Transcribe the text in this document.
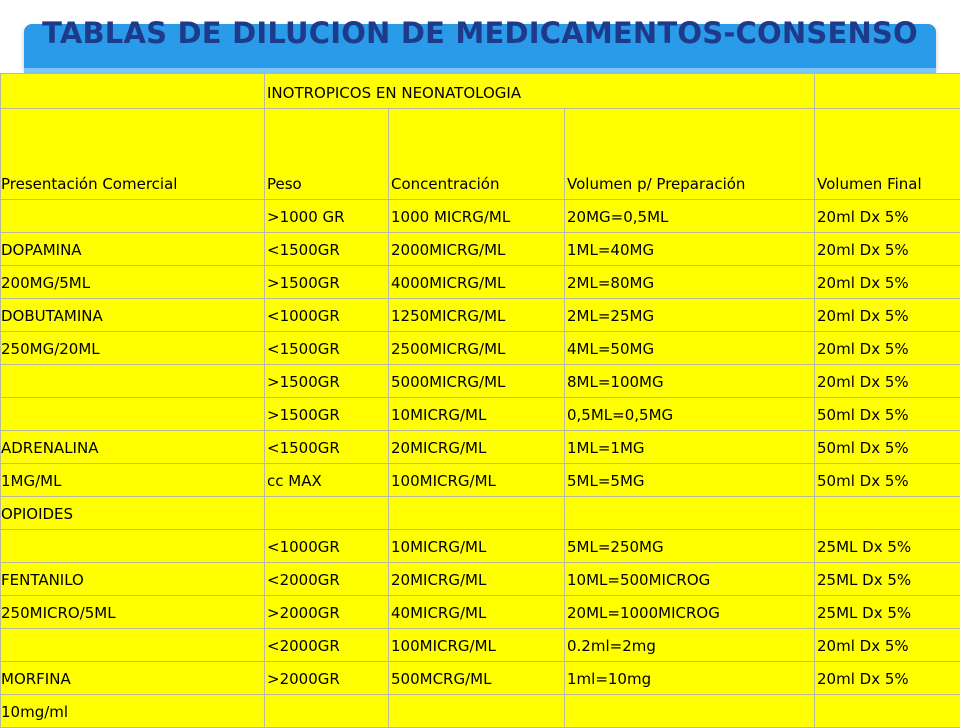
TABLAS DE DILUCION DE MEDICAMENTOS-CONSENSO
	INOTROPICOS EN NEONATOLOGIA			
Presentación Comercial	Peso	Concentración	Volumen p/ Preparación	Volumen Final
	>1000 GR	1000 MICRG/ML	20MG=0,5ML	20ml Dx 5%
DOPAMINA	<1500GR	2000MICRG/ML	1ML=40MG	20ml Dx 5%
200MG/5ML	>1500GR	4000MICRG/ML	2ML=80MG	20ml Dx 5%
DOBUTAMINA	<1000GR	1250MICRG/ML	2ML=25MG	20ml Dx 5%
250MG/20ML	<1500GR	2500MICRG/ML	4ML=50MG	20ml Dx 5%
	>1500GR	5000MICRG/ML	8ML=100MG	20ml Dx 5%
	>1500GR	10MICRG/ML	0,5ML=0,5MG	50ml Dx 5%
ADRENALINA	<1500GR	20MICRG/ML	1ML=1MG	50ml Dx 5%
1MG/ML	cc MAX	100MICRG/ML	5ML=5MG	50ml Dx 5%
OPIOIDES				
	<1000GR	10MICRG/ML	5ML=250MG	25ML Dx 5%
FENTANILO	<2000GR	20MICRG/ML	10ML=500MICROG	25ML Dx 5%
250MICRO/5ML	>2000GR	40MICRG/ML	20ML=1000MICROG	25ML Dx 5%
	<2000GR	100MICRG/ML	0.2ml=2mg	20ml Dx 5%
MORFINA	>2000GR	500MCRG/ML	1ml=10mg	20ml Dx 5%
10mg/ml				
